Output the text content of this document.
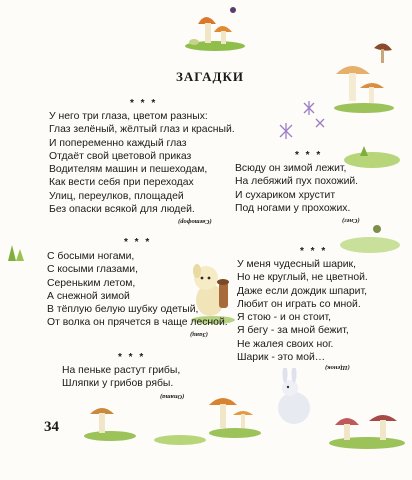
ЗАГАДКИ
* * *
У него три глаза, цветом разных:
Глаз зелёный, жёлтый глаз и красный.
И попеременно каждый глаз
Отдаёт свой цветовой приказ
Водителям машин и пешеходам,
Как вести себя при переходах
Улиц, переулков, площадей
Без опаски всякой для людей.
(Светофор)
* * *
Всюду он зимой лежит,
На лебяжий пух похожий.
И сухариком хрустит
Под ногами у прохожих.
(Снег)
* * *
С босыми ногами,
С косыми глазами,
Сереньким летом,
А снежной зимой
В тёплую белую шубку одетый,
От волка он прячется в чаще лесной.
(Заяц)
* * *
У меня чудесный шарик,
Но не круглый, не цветной.
Даже если дождик шпарит,
Любит он играть со мной.
Я стою - и он стоит,
Я бегу - за мной бежит,
Не жалея своих ног.
Шарик - это мой…
(Щенок)
* * *
На пеньке растут грибы,
Шляпки у грибов рябы.
(Опята)
34
